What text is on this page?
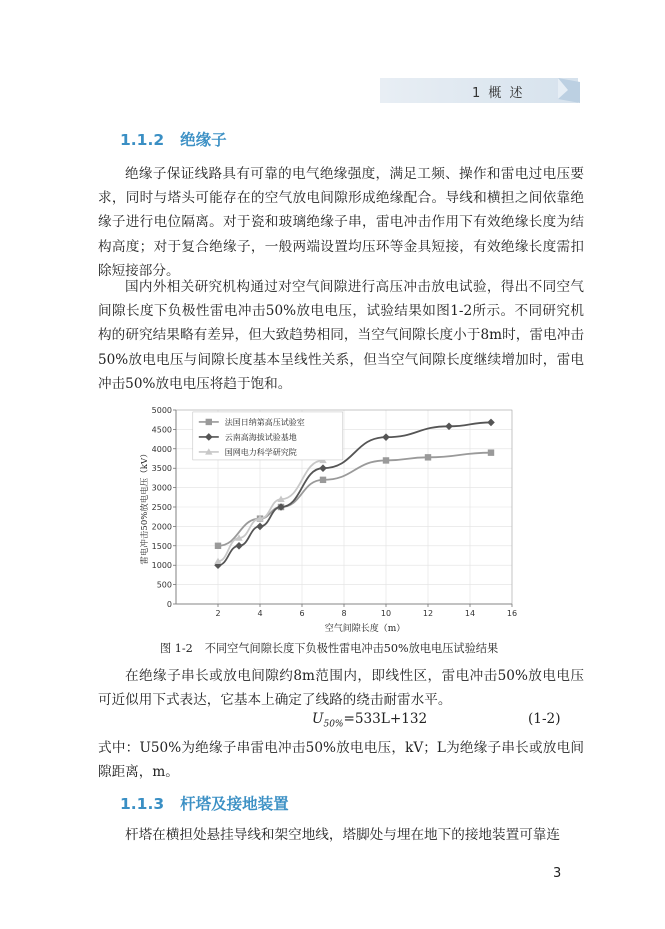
1 概 述
1.1.2 绝缘子

绝缘子保证线路具有可靠的电气绝缘强度，满足工频、操作和雷电过电压要求，同时与塔头可能存在的空气放电间隙形成绝缘配合。导线和横担之间依靠绝缘子进行电位隔离。对于瓷和玻璃绝缘子串，雷电冲击作用下有效绝缘长度为结构高度；对于复合绝缘子，一般两端设置均压环等金具短接，有效绝缘长度需扣除短接部分。

国内外相关研究机构通过对空气间隙进行高压冲击放电试验，得出不同空气间隙长度下负极性雷电冲击50%放电电压，试验结果如图1-2所示。不同研究机构的研究结果略有差异，但大致趋势相同，当空气间隙长度小于8m时，雷电冲击50%放电电压与间隙长度基本呈线性关系，但当空气间隙长度继续增加时，雷电冲击50%放电电压将趋于饱和。

0
500
1000
1500
2000
2500
3000
3500
4000
4500
5000
2	4	6	8	10	12	14	16
空气间隙长度（m）
雷电冲击50%放电电压（kV）
法国日纳第高压试验室
云南高海拔试验基地
国网电力科学研究院
图 1-2 不同空气间隙长度下负极性雷电冲击50%放电电压试验结果

在绝缘子串长或放电间隙约8m范围内，即线性区，雷电冲击50%放电电压可近似用下式表达，它基本上确定了线路的绕击耐雷水平。

$U_{50\%}=533L+132$	(1-2)

式中：U50%为绝缘子串雷电冲击50%放电电压，kV；L为绝缘子串长或放电间隙距离，m。

1.1.3 杆塔及接地装置

杆塔在横担处悬挂导线和架空地线，塔脚处与埋在地下的接地装置可靠连

3
